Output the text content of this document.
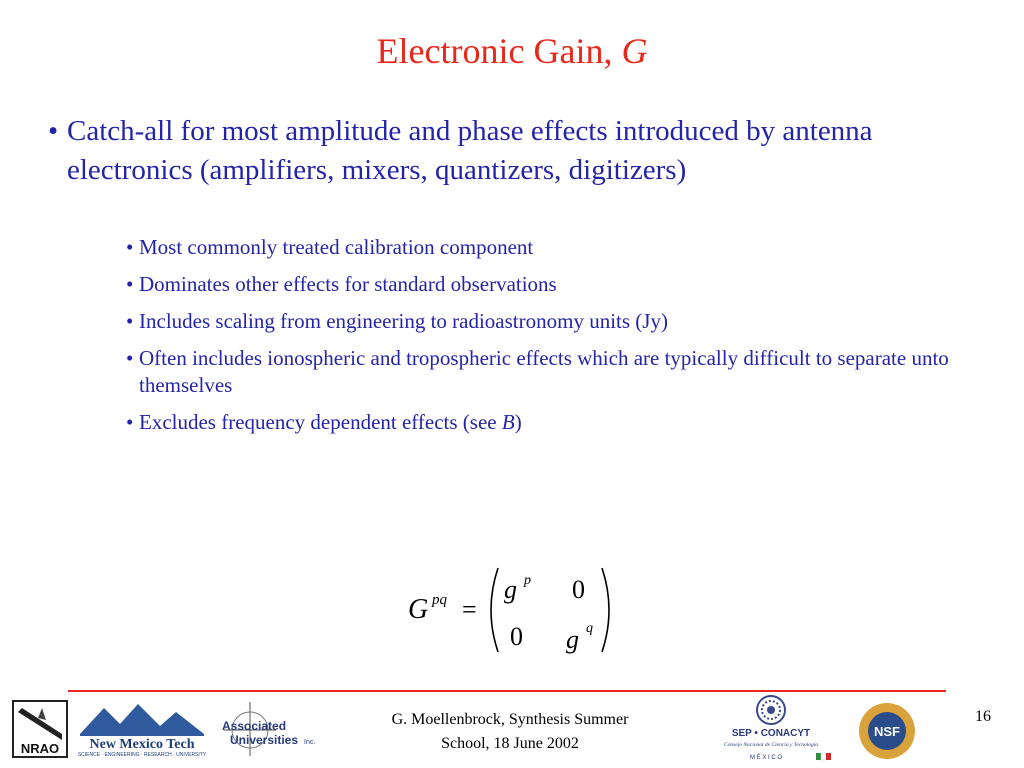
Electronic Gain, G
• Catch-all for most amplitude and phase effects introduced by antenna electronics (amplifiers, mixers, quantizers, digitizers)
• Most commonly treated calibration component
• Dominates other effects for standard observations
• Includes scaling from engineering to radioastronomy units (Jy)
• Often includes ionospheric and tropospheric effects which are typically difficult to separate unto themselves
• Excludes frequency dependent effects (see B)
G pq =
g p 0
0 g q
NRAO New Mexico Tech
SCIENCE · ENGINEERING · RESEARCH · UNIVERSITY
Associated
Universities Inc.
G. Moellenbrock, Synthesis Summer
School, 18 June 2002
SEP • CONACYT
Consejo Nacional de Ciencia y Tecnología
M É X I C O
NSF
16
